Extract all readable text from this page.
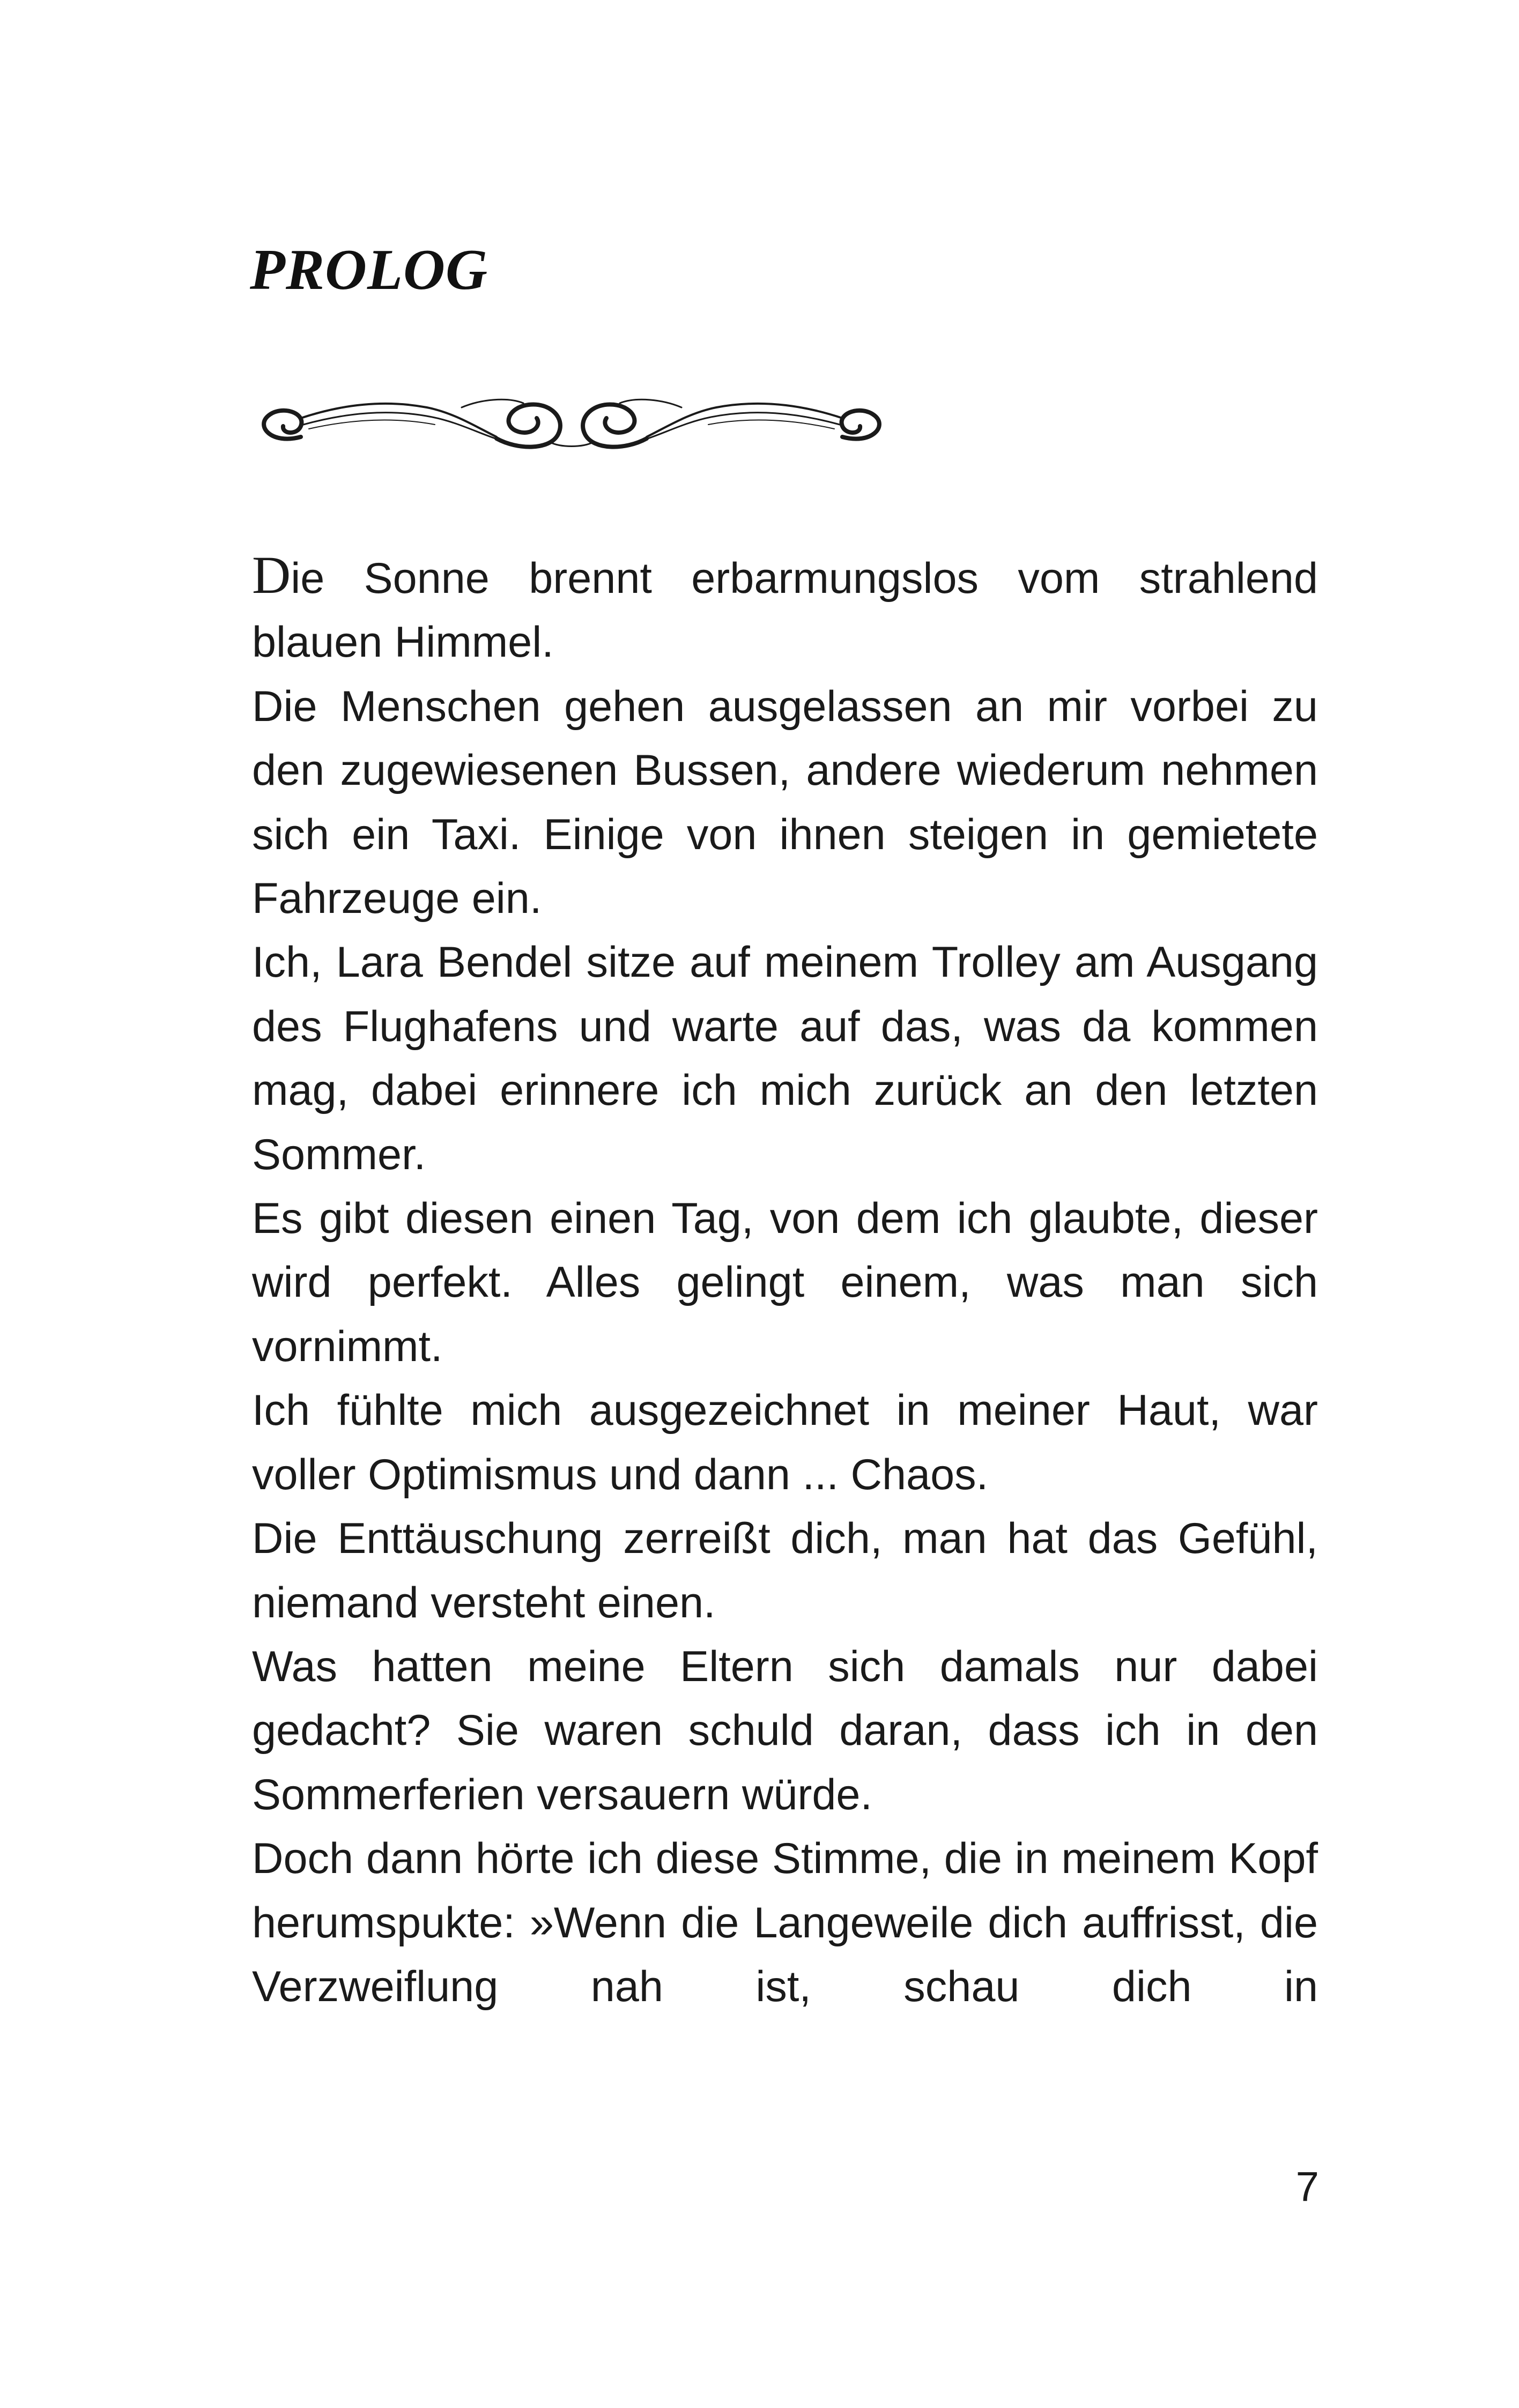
PROLOG

Die Sonne brennt erbarmungslos vom strahlend blauen Himmel.

Die Menschen gehen ausgelassen an mir vorbei zu den zugewiesenen Bussen, andere wiederum nehmen sich ein Taxi. Einige von ihnen steigen in gemietete Fahrzeuge ein.

Ich, Lara Bendel sitze auf meinem Trolley am Ausgang des Flughafens und warte auf das, was da kommen mag, dabei erinnere ich mich zurück an den letzten Sommer.

Es gibt diesen einen Tag, von dem ich glaubte, dieser wird perfekt. Alles gelingt einem, was man sich vornimmt.

Ich fühlte mich ausgezeichnet in meiner Haut, war voller Optimismus und dann ... Chaos.

Die Enttäuschung zerreißt dich, man hat das Gefühl, niemand versteht einen.

Was hatten meine Eltern sich damals nur dabei gedacht? Sie waren schuld daran, dass ich in den Sommerferien versauern würde.

Doch dann hörte ich diese Stimme, die in meinem Kopf herumspukte: »Wenn die Langeweile dich auffrisst, die Verzweiflung nah ist, schau dich in

7
